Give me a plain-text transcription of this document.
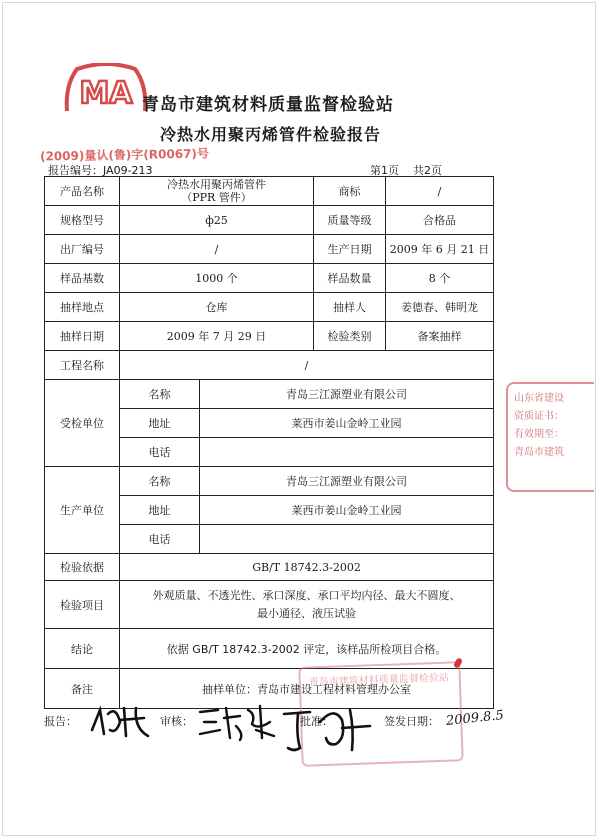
MA 青岛市建筑材料质量监督检验站
冷热水用聚丙烯管件检验报告
(2009)量认(鲁)字(R0067)号
报告编号：JA09-213	第1页    共2页
产品名称	冷热水用聚丙烯管件
（PPR 管件）		商标	/
规格型号	ф25		质量等级	合格品
出厂编号	/		生产日期	2009 年 6 月 21 日
样品基数	1000 个		样品数量	8 个
抽样地点	仓库		抽样人	姜德春、韩明龙
抽样日期	2009 年 7 月 29 日		检验类别	备案抽样
工程名称	/			
受检单位	名称	青岛三江源塑业有限公司		
	地址	莱西市姜山金岭工业园		
	电话			
生产单位	名称	青岛三江源塑业有限公司		
	地址	莱西市姜山金岭工业园		
	电话			
检验依据	GB/T 18742.3-2002			
检验项目	外观质量、不透光性、承口深度、承口平均内径、最大不圆度、
最小通径、液压试验			
结论	依据 GB/T 18742.3-2002 评定，该样品所检项目合格。			
备注	抽样单位：青岛市建设工程材料管理办公室			
山东省建设
资质证书：
有效期至：
青岛市建筑
青岛市建筑材料质量监督检验站
报告：	审核：	批准：	签发日期： 2009.8.5
